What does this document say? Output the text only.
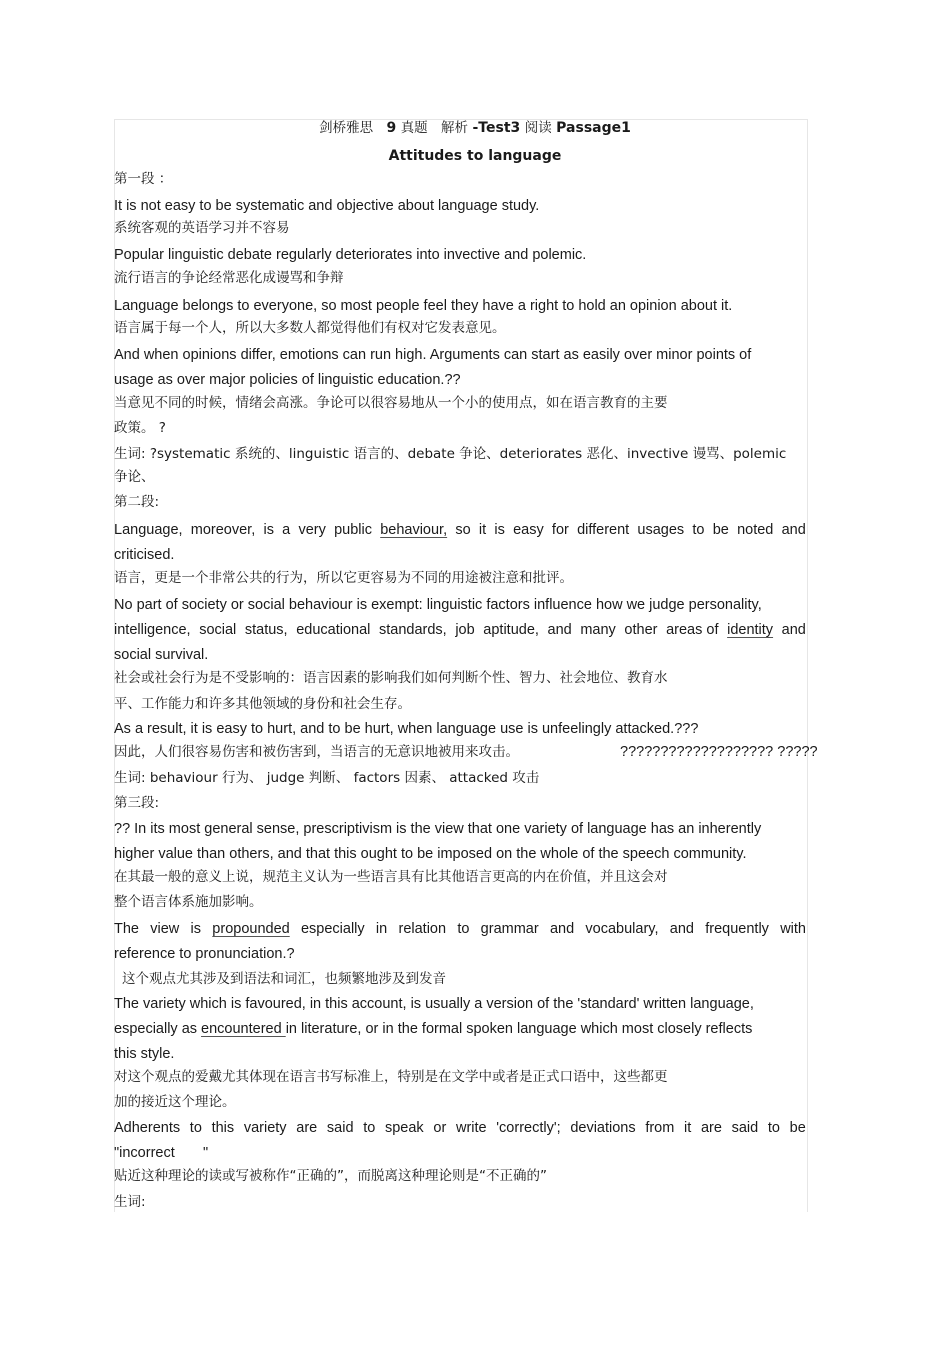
剑桥雅思 9 真题 解析 -Test3 阅读 Passage1
Attitudes to language
第一段 ：
It is not easy to be systematic and objective about language study.
系统客观的英语学习并不容易
Popular linguistic debate regularly deteriorates into invective and polemic.
流行语言的争论经常恶化成谩骂和争辩
Language belongs to everyone, so most people feel they have a right to hold an opinion about it.
语言属于每一个人，所以大多数人都觉得他们有权对它发表意见。
And when opinions differ, emotions can run high. Arguments can start as easily over minor points of
usage as over major policies of linguistic education.??
当意见不同的时候，情绪会高涨。争论可以很容易地从一个小的使用点，如在语言教育的主要
政策。 ?
生词: ?systematic 系统的、linguistic 语言的、debate 争论、deteriorates 恶化、invective 谩骂、polemic
争论、
第二段:
Language, moreover, is a very public behaviour, so it is easy for different usages to be noted and
criticised.
语言，更是一个非常公共的行为，所以它更容易为不同的用途被注意和批评。
No part of society or social behaviour is exempt: linguistic factors influence how we judge personality,
intelligence, social status, educational standards, job aptitude, and many other areas of identity and
social survival.
社会或社会行为是不受影响的：语言因素的影响我们如何判断个性、智力、社会地位、教育水
平、工作能力和许多其他领域的身份和社会生存。
As a result, it is easy to hurt, and to be hurt, when language use is unfeelingly attacked.???
因此，人们很容易伤害和被伤害到，当语言的无意识地被用来攻击。	??????????????????? ?????
生词: behaviour 行为、 judge 判断、 factors 因素、 attacked 攻击
第三段:
?? In its most general sense, prescriptivism is the view that one variety of language has an inherently
higher value than others, and that this ought to be imposed on the whole of the speech community.
在其最一般的意义上说，规范主义认为一些语言具有比其他语言更高的内在价值，并且这会对
整个语言体系施加影响。
The view is propounded especially in relation to grammar and vocabulary, and frequently with
reference to pronunciation.?
这个观点尤其涉及到语法和词汇，也频繁地涉及到发音
The variety which is favoured, in this account, is usually a version of the 'standard' written language,
especially as encountered in literature, or in the formal spoken language which most closely reflects
this style.
对这个观点的爱戴尤其体现在语言书写标准上，特别是在文学中或者是正式口语中，这些都更
加的接近这个理论。
Adherents to this variety are said to speak or write 'correctly'; deviations from it are said to be
"incorrect       "
贴近这种理论的读或写被称作“正确的”，而脱离这种理论则是“不正确的”
生词:
